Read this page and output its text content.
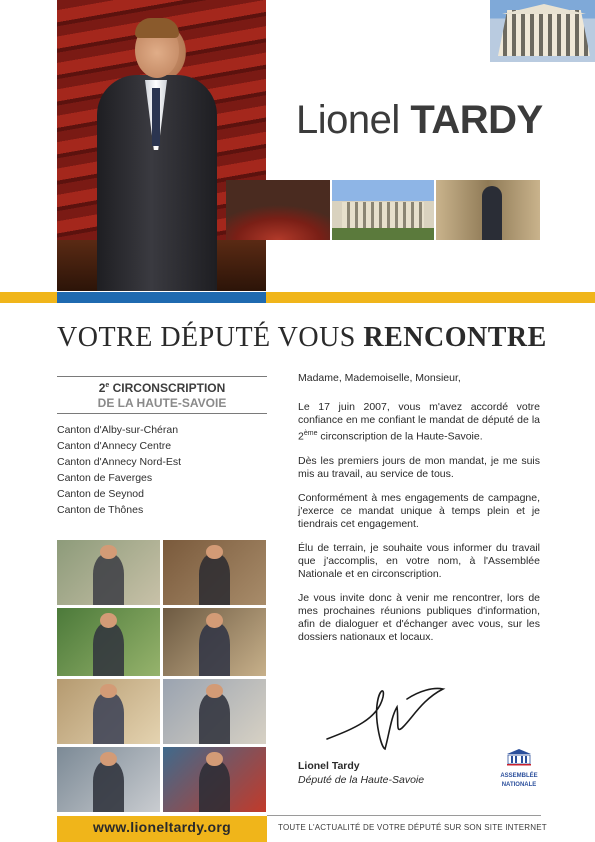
Lionel TARDY
VOTRE DÉPUTÉ VOUS RENCONTRE
2e CIRCONSCRIPTION
DE LA HAUTE-SAVOIE
Canton d'Alby-sur-Chéran
Canton d'Annecy Centre
Canton d'Annecy Nord-Est
Canton de Faverges
Canton de Seynod
Canton de Thônes

Madame, Mademoiselle, Monsieur,

Le 17 juin 2007, vous m'avez accordé votre confiance en me confiant le mandat de député de la 2ème circonscription de la Haute-Savoie.

Dès les premiers jours de mon mandat, je me suis mis au travail, au service de tous.

Conformément à mes engagements de campagne, j'exerce ce mandat unique à temps plein et je tiendrais cet engagement.

Élu de terrain, je souhaite vous informer du travail que j'accomplis, en votre nom, à l'Assemblée Nationale et en circonscription.

Je vous invite donc à venir me rencontrer, lors de mes prochaines réunions publiques d'information, afin de dialoguer et d'échanger avec vous, sur les dossiers nationaux et locaux.

Lionel Tardy
Député de la Haute-Savoie	ASSEMBLÉE
NATIONALE
www.lioneltardy.org	TOUTE L'ACTUALITÉ DE VOTRE DÉPUTÉ SUR SON SITE INTERNET
